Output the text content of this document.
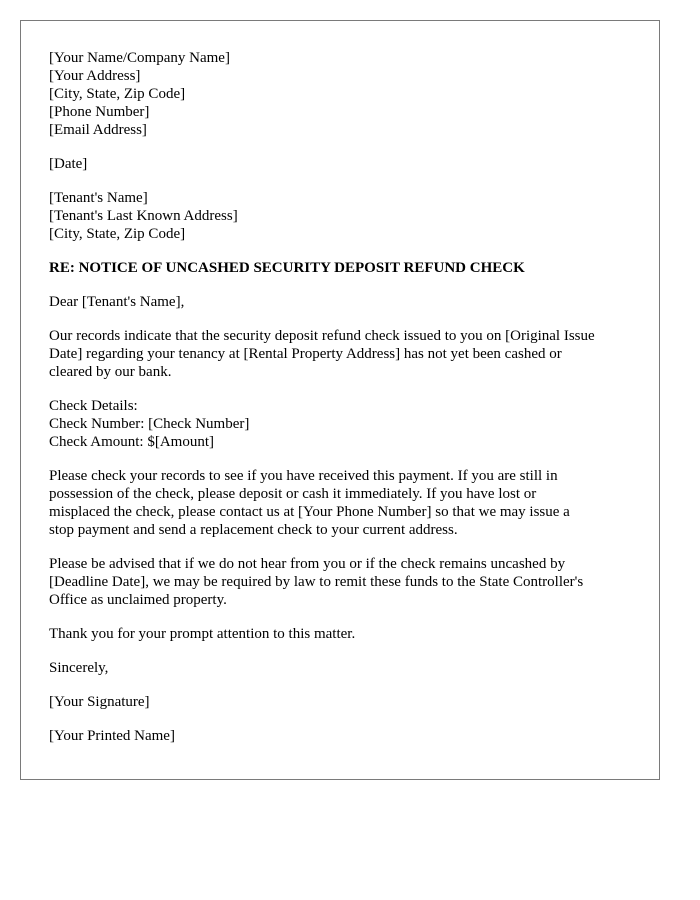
[Your Name/Company Name]
[Your Address]
[City, State, Zip Code]
[Phone Number]
[Email Address]
[Date]
[Tenant's Name]
[Tenant's Last Known Address]
[City, State, Zip Code]
RE: NOTICE OF UNCASHED SECURITY DEPOSIT REFUND CHECK
Dear [Tenant's Name],
Our records indicate that the security deposit refund check issued to you on [Original Issue
Date] regarding your tenancy at [Rental Property Address] has not yet been cashed or
cleared by our bank.
Check Details:
Check Number: [Check Number]
Check Amount: $[Amount]
Please check your records to see if you have received this payment. If you are still in
possession of the check, please deposit or cash it immediately. If you have lost or
misplaced the check, please contact us at [Your Phone Number] so that we may issue a
stop payment and send a replacement check to your current address.
Please be advised that if we do not hear from you or if the check remains uncashed by
[Deadline Date], we may be required by law to remit these funds to the State Controller's
Office as unclaimed property.
Thank you for your prompt attention to this matter.
Sincerely,
[Your Signature]
[Your Printed Name]
